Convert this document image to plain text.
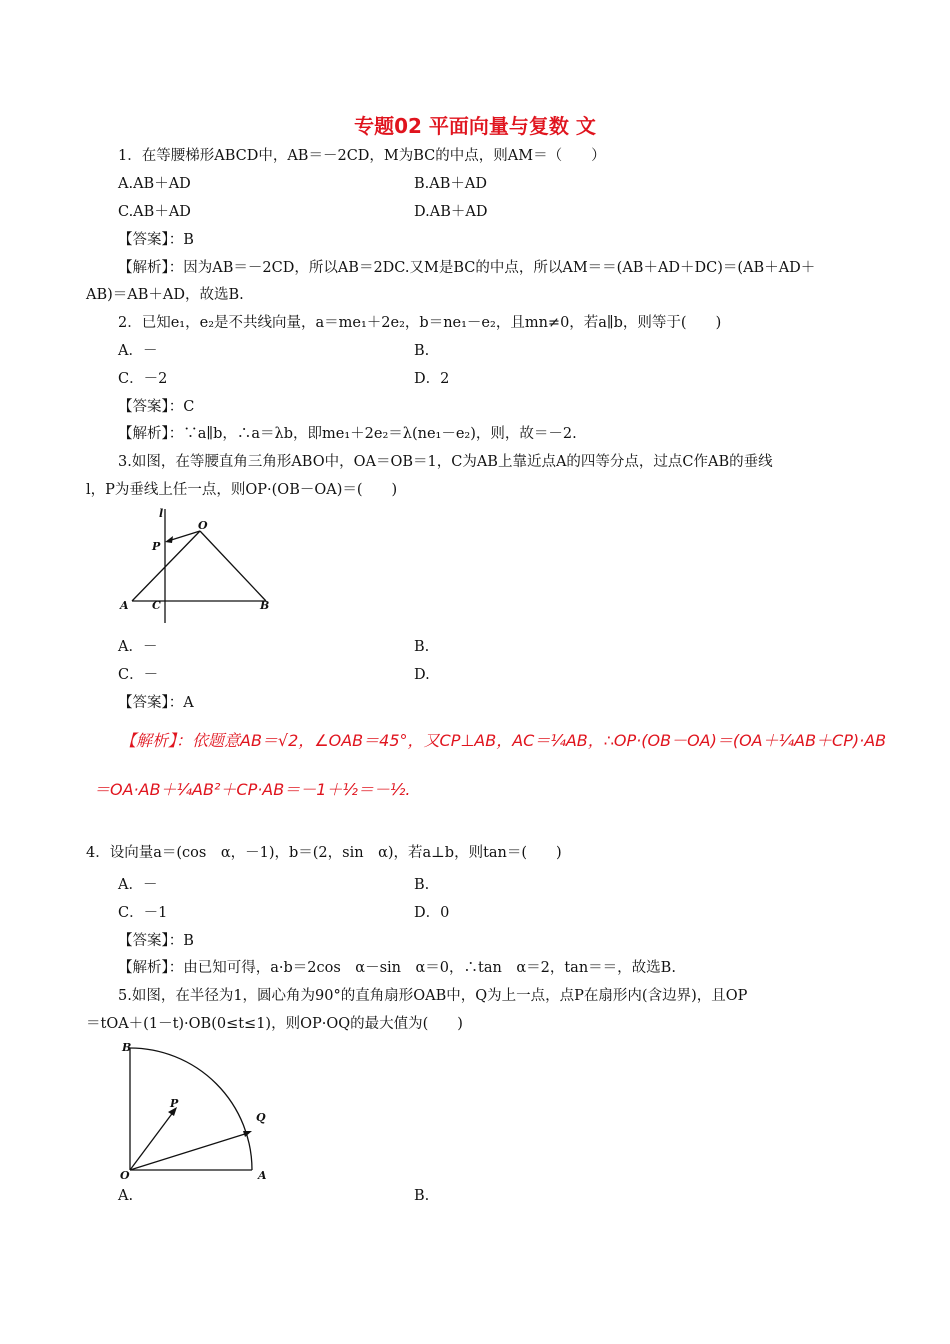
专题02 平面向量与复数 文
1．在等腰梯形ABCD中，AB＝－2CD，M为BC的中点，则AM＝（　　）
A.AB＋AD	B.AB＋AD
C.AB＋AD	D.AB＋AD
【答案】：B
【解析】：因为AB＝－2CD，所以AB＝2DC.又M是BC的中点，所以AM＝＝(AB＋AD＋DC)＝(AB＋AD＋
AB)＝AB＋AD，故选B.
2．已知e₁，e₂是不共线向量，a＝me₁＋2e₂，b＝ne₁－e₂，且mn≠0，若a∥b，则等于(　　)
A．－	B.
C．－2	D．2
【答案】：C
【解析】：∵a∥b，∴a＝λb，即me₁＋2e₂＝λ(ne₁－e₂)，则，故＝－2.
3.如图，在等腰直角三角形ABO中，OA＝OB＝1，C为AB上靠近点A的四等分点，过点C作AB的垂线
l，P为垂线上任一点，则OP·(OB－OA)＝(　　)
l
O
P
A C	B
A．－	B.
C．－	D.
【答案】：A
【解析】：依题意AB＝√2，∠OAB＝45°，又CP⊥AB，AC＝¼AB，∴OP·(OB－OA)＝(OA＋¼AB＋CP)·AB
＝OA·AB＋¼AB²＋CP·AB＝－1＋½＝－½.
4．设向量a＝(cos　α，－1)，b＝(2，sin　α)，若a⊥b，则tan＝(　　)
A．－	B.
C．－1	D．0
【答案】：B
【解析】：由已知可得，a·b＝2cos　α－sin　α＝0，∴tan　α＝2，tan＝＝，故选B.
5.如图，在半径为1，圆心角为90°的直角扇形OAB中，Q为上一点，点P在扇形内(含边界)，且OP
＝tOA＋(1－t)·OB(0≤t≤1)，则OP·OQ的最大值为(　　)
B
P
Q
O	A
A.	B.
